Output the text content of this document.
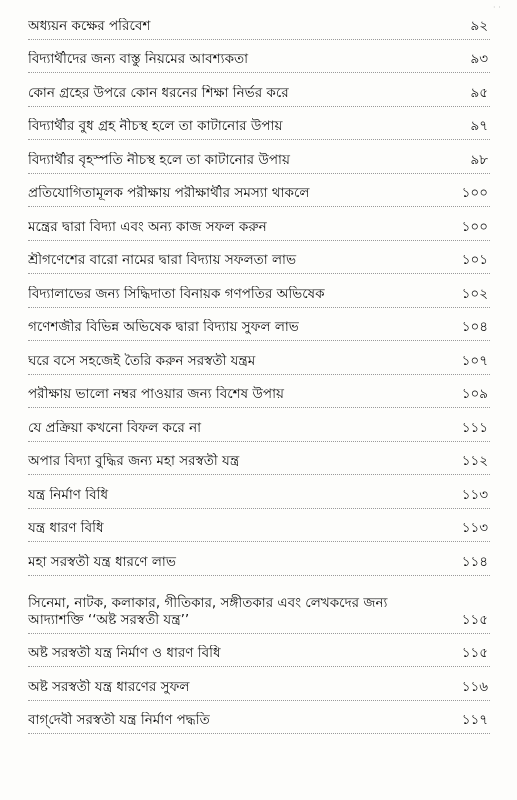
· ·
অধ্যয়ন কক্ষের পরিবেশ	৯২
বিদ্যার্থীদের জন্য বাস্তু নিয়মের আবশ্যকতা	৯৩
কোন গ্রহের উপরে কোন ধরনের শিক্ষা নির্ভর করে	৯৫
বিদ্যার্থীর বুধ গ্রহ নীচস্থ হলে তা কাটানোর উপায়	৯৭
বিদ্যার্থীর বৃহস্পতি নীচস্থ হলে তা কাটানোর উপায়	৯৮
প্রতিযোগিতামূলক পরীক্ষায় পরীক্ষার্থীর সমস্যা থাকলে	১০০
মন্ত্রের দ্বারা বিদ্যা এবং অন্য কাজ সফল করুন	১০০
শ্রীগণেশের বারো নামের দ্বারা বিদ্যায় সফলতা লাভ	১০১
বিদ্যালাভের জন্য সিদ্ধিদাতা বিনায়ক গণপতির অভিষেক	১০২
গণেশজীর বিভিন্ন অভিষেক দ্বারা বিদ্যায় সুফল লাভ	১০৪
ঘরে বসে সহজেই তৈরি করুন সরস্বতী যন্ত্রম	১০৭
পরীক্ষায় ভালো নম্বর পাওয়ার জন্য বিশেষ উপায়	১০৯
যে প্রক্রিয়া কখনো বিফল করে না	১১১
অপার বিদ্যা বুদ্ধির জন্য মহা সরস্বতী যন্ত্র	১১২
যন্ত্র নির্মাণ বিধি	১১৩
যন্ত্র ধারণ বিধি	১১৩
মহা সরস্বতী যন্ত্র ধারণে লাভ	১১৪
সিনেমা, নাটক, কলাকার, গীতিকার, সঙ্গীতকার এবং লেখকদের জন্য
আদ্যাশক্তি ‘‘অষ্ট সরস্বতী যন্ত্র’’	১১৫
অষ্ট সরস্বতী যন্ত্র নির্মাণ ও ধারণ বিধি	১১৫
অষ্ট সরস্বতী যন্ত্র ধারণের সুফল	১১৬
বাগ্‌দেবী সরস্বতী যন্ত্র নির্মাণ পদ্ধতি	১১৭
